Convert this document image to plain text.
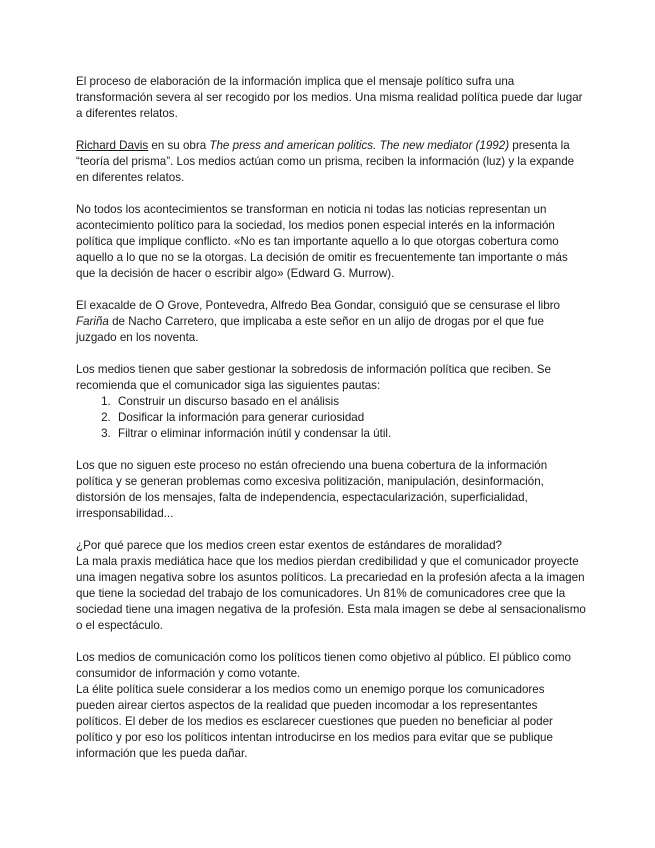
El proceso de elaboración de la información implica que el mensaje político sufra una transformación severa al ser recogido por los medios. Una misma realidad política puede dar lugar a diferentes relatos.

Richard Davis en su obra The press and american politics. The new mediator (1992) presenta la “teoría del prisma”. Los medios actúan como un prisma, reciben la información (luz) y la expande en diferentes relatos.

No todos los acontecimientos se transforman en noticia ni todas las noticias representan un acontecimiento político para la sociedad, los medios ponen especial interés en la información política que implique conflicto. «No es tan importante aquello a lo que otorgas cobertura como aquello a lo que no se la otorgas. La decisión de omitir es frecuentemente tan importante o más que la decisión de hacer o escribir algo» (Edward G. Murrow).

El exacalde de O Grove, Pontevedra, Alfredo Bea Gondar, consiguió que se censurase el libro Fariña de Nacho Carretero, que implicaba a este señor en un alijo de drogas por el que fue juzgado en los noventa.

Los medios tienen que saber gestionar la sobredosis de información política que reciben. Se recomienda que el comunicador siga las siguientes pautas:

1. Construir un discurso basado en el análisis
2. Dosificar la información para generar curiosidad
3. Filtrar o eliminar información inútil y condensar la útil.

Los que no siguen este proceso no están ofreciendo una buena cobertura de la información política y se generan problemas como excesiva politización, manipulación, desinformación, distorsión de los mensajes, falta de independencia, espectacularización, superficialidad, irresponsabilidad...

¿Por qué parece que los medios creen estar exentos de estándares de moralidad?

La mala praxis mediática hace que los medios pierdan credibilidad y que el comunicador proyecte una imagen negativa sobre los asuntos políticos. La precariedad en la profesión afecta a la imagen que tiene la sociedad del trabajo de los comunicadores. Un 81% de comunicadores cree que la sociedad tiene una imagen negativa de la profesión. Esta mala imagen se debe al sensacionalismo o el espectáculo.

Los medios de comunicación como los políticos tienen como objetivo al público. El público como consumidor de información y como votante.

La élite política suele considerar a los medios como un enemigo porque los comunicadores pueden airear ciertos aspectos de la realidad que pueden incomodar a los representantes políticos. El deber de los medios es esclarecer cuestiones que pueden no beneficiar al poder político y por eso los políticos intentan introducirse en los medios para evitar que se publique información que les pueda dañar.
